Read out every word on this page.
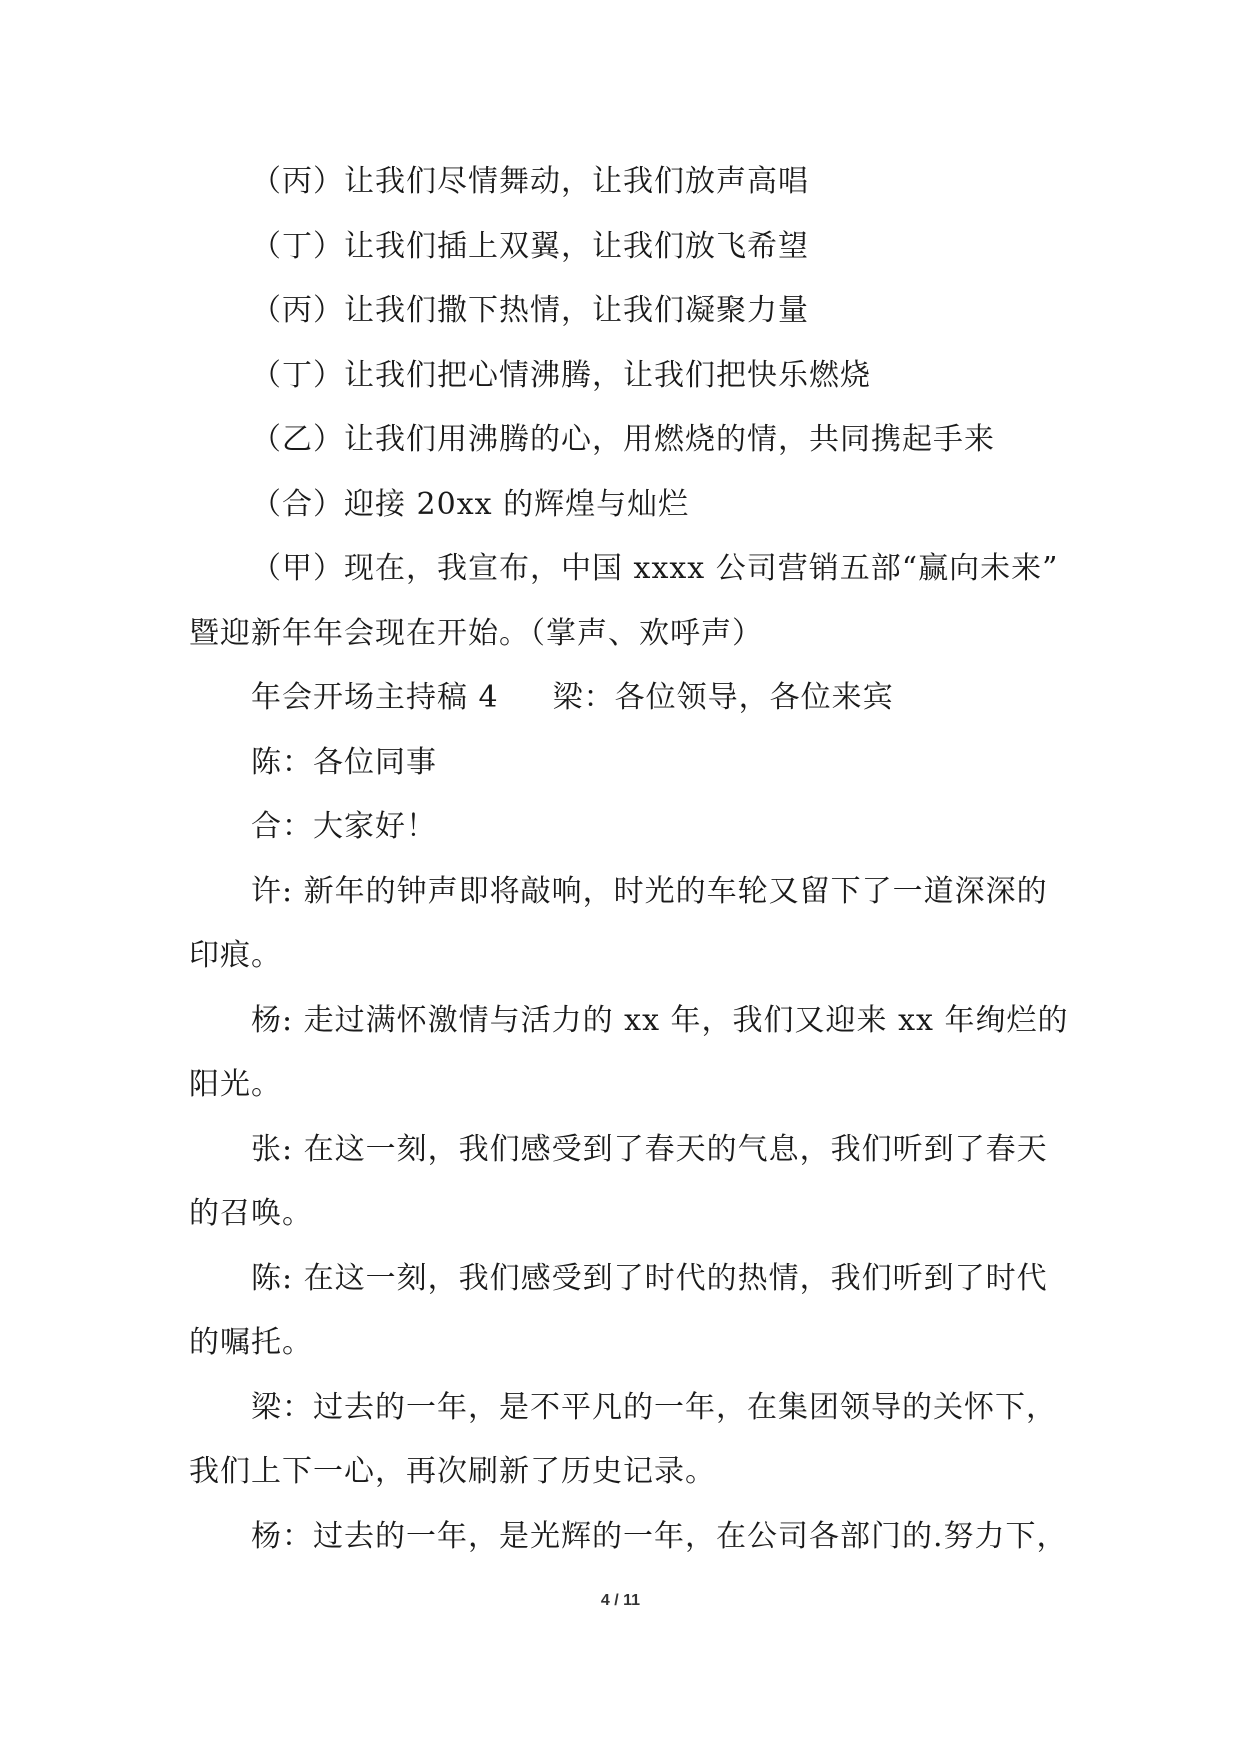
（丙）让我们尽情舞动，让我们放声高唱
（丁）让我们插上双翼，让我们放飞希望
（丙）让我们撒下热情，让我们凝聚力量
（丁）让我们把心情沸腾，让我们把快乐燃烧
（乙）让我们用沸腾的心，用燃烧的情，共同携起手来
（合）迎接 20xx 的辉煌与灿烂
（甲）现在，我宣布，中国 xxxx 公司营销五部“赢向未来”
暨迎新年年会现在开始。（掌声、欢呼声）
年会开场主持稿 4 梁：各位领导，各位来宾
陈：各位同事
合：大家好！
许: 新年的钟声即将敲响，时光的车轮又留下了一道深深的
印痕。
杨: 走过满怀激情与活力的 xx 年，我们又迎来 xx 年绚烂的
阳光。
张: 在这一刻，我们感受到了春天的气息，我们听到了春天
的召唤。
陈: 在这一刻，我们感受到了时代的热情，我们听到了时代
的嘱托。
梁：过去的一年，是不平凡的一年，在集团领导的关怀下，
我们上下一心，再次刷新了历史记录。
杨：过去的一年，是光辉的一年，在公司各部门的.努力下，
4 / 11
